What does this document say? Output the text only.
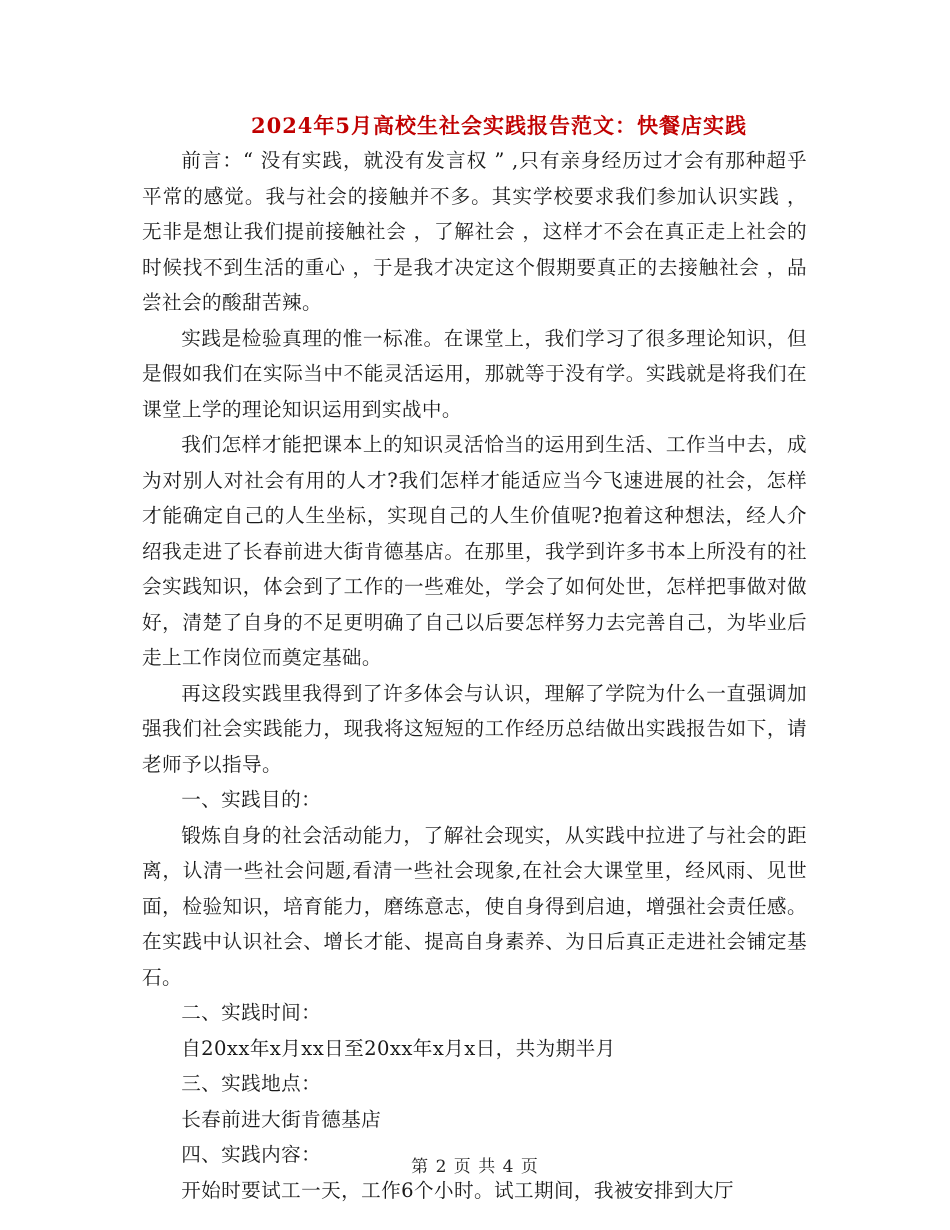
2024年5月高校生社会实践报告范文：快餐店实践

前言：“ 没有实践，就没有发言权 ” ,只有亲身经历过才会有那种超乎平常的感觉。我与社会的接触并不多。其实学校要求我们参加认识实践 ，无非是想让我们提前接触社会 ，了解社会 ，这样才不会在真正走上社会的时候找不到生活的重心 ，于是我才决定这个假期要真正的去接触社会 ，品尝社会的酸甜苦辣。

实践是检验真理的惟一标准。在课堂上，我们学习了很多理论知识，但是假如我们在实际当中不能灵活运用，那就等于没有学。实践就是将我们在课堂上学的理论知识运用到实战中。

我们怎样才能把课本上的知识灵活恰当的运用到生活、工作当中去，成为对别人对社会有用的人才?我们怎样才能适应当今飞速进展的社会，怎样才能确定自己的人生坐标，实现自己的人生价值呢?抱着这种想法，经人介绍我走进了长春前进大街肯德基店。在那里，我学到许多书本上所没有的社会实践知识，体会到了工作的一些难处，学会了如何处世，怎样把事做对做好，清楚了自身的不足更明确了自己以后要怎样努力去完善自己，为毕业后走上工作岗位而奠定基础。

再这段实践里我得到了许多体会与认识，理解了学院为什么一直强调加强我们社会实践能力，现我将这短短的工作经历总结做出实践报告如下，请老师予以指导。

一、实践目的：

锻炼自身的社会活动能力，了解社会现实，从实践中拉进了与社会的距离，认清一些社会问题,看清一些社会现象,在社会大课堂里，经风雨、见世面，检验知识，培育能力，磨练意志，使自身得到启迪，增强社会责任感。在实践中认识社会、增长才能、提高自身素养、为日后真正走进社会铺定基石。

二、实践时间：

自20xx年x月xx日至20xx年x月x日，共为期半月

三、实践地点：

长春前进大街肯德基店

四、实践内容：

开始时要试工一天，工作6个小时。试工期间，我被安排到大厅

第 2 页 共 4 页
